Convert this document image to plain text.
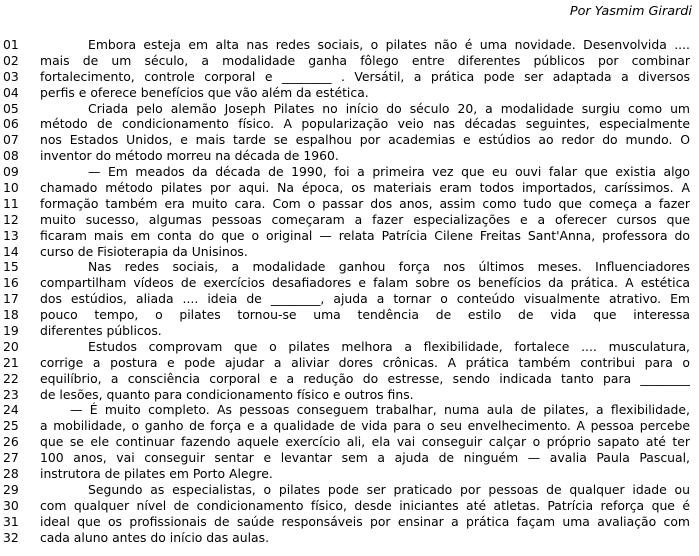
Por Yasmim Girardi
01	Embora esteja em alta nas redes sociais, o pilates não é uma novidade. Desenvolvida ....
02	mais de um século, a modalidade ganha fôlego entre diferentes públicos por combinar
03	fortalecimento, controle corporal e ________ . Versátil, a prática pode ser adaptada a diversos
04	perfis e oferece benefícios que vão além da estética.
05	Criada pelo alemão Joseph Pilates no início do século 20, a modalidade surgiu como um
06	método de condicionamento físico. A popularização veio nas décadas seguintes, especialmente
07	nos Estados Unidos, e mais tarde se espalhou por academias e estúdios ao redor do mundo. O
08	inventor do método morreu na década de 1960.
09	— Em meados da década de 1990, foi a primeira vez que eu ouvi falar que existia algo
10	chamado método pilates por aqui. Na época, os materiais eram todos importados, caríssimos. A
11	formação também era muito cara. Com o passar dos anos, assim como tudo que começa a fazer
12	muito sucesso, algumas pessoas começaram a fazer especializações e a oferecer cursos que
13	ficaram mais em conta do que o original — relata Patrícia Cilene Freitas Sant'Anna, professora do
14	curso de Fisioterapia da Unisinos.
15	Nas redes sociais, a modalidade ganhou força nos últimos meses. Influenciadores
16	compartilham vídeos de exercícios desafiadores e falam sobre os benefícios da prática. A estética
17	dos estúdios, aliada .... ideia de ________, ajuda a tornar o conteúdo visualmente atrativo. Em
18	pouco tempo, o pilates tornou-se uma tendência de estilo de vida que interessa
19	diferentes públicos.
20	Estudos comprovam que o pilates melhora a flexibilidade, fortalece .... musculatura,
21	corrige a postura e pode ajudar a aliviar dores crônicas. A prática também contribui para o
22	equilíbrio, a consciência corporal e a redução do estresse, sendo indicada tanto para ________
23	de lesões, quanto para condicionamento físico e outros fins.
24	— É muito completo. As pessoas conseguem trabalhar, numa aula de pilates, a flexibilidade,
25	a mobilidade, o ganho de força e a qualidade de vida para o seu envelhecimento. A pessoa percebe
26	que se ele continuar fazendo aquele exercício ali, ela vai conseguir calçar o próprio sapato até ter
27	100 anos, vai conseguir sentar e levantar sem a ajuda de ninguém — avalia Paula Pascual,
28	instrutora de pilates em Porto Alegre.
29	Segundo as especialistas, o pilates pode ser praticado por pessoas de qualquer idade ou
30	com qualquer nível de condicionamento físico, desde iniciantes até atletas. Patrícia reforça que é
31	ideal que os profissionais de saúde responsáveis por ensinar a prática façam uma avaliação com
32	cada aluno antes do início das aulas.
